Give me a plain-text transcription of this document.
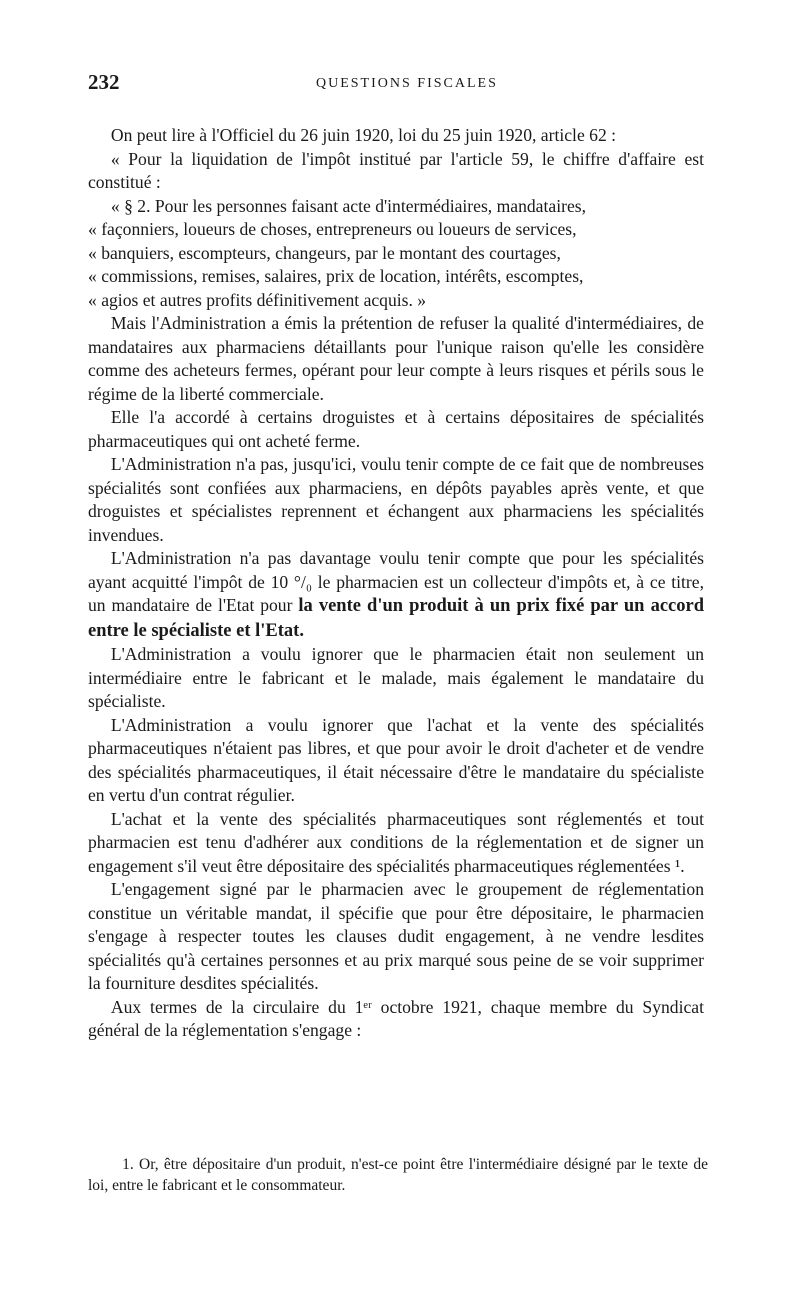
232	QUESTIONS FISCALES

On peut lire à l'Officiel du 26 juin 1920, loi du 25 juin 1920, article 62 :

« Pour la liquidation de l'impôt institué par l'article 59, le chiffre d'affaire est constitué :

« § 2. Pour les personnes faisant acte d'intermédiaires, mandataires,

« façonniers, loueurs de choses, entrepreneurs ou loueurs de services,

« banquiers, escompteurs, changeurs, par le montant des courtages,

« commissions, remises, salaires, prix de location, intérêts, escomptes,

« agios et autres profits définitivement acquis. »

Mais l'Administration a émis la prétention de refuser la qualité d'intermédiaires, de mandataires aux pharmaciens détaillants pour l'unique raison qu'elle les considère comme des acheteurs fermes, opérant pour leur compte à leurs risques et périls sous le régime de la liberté commerciale.

Elle l'a accordé à certains droguistes et à certains dépositaires de spécialités pharmaceutiques qui ont acheté ferme.

L'Administration n'a pas, jusqu'ici, voulu tenir compte de ce fait que de nombreuses spécialités sont confiées aux pharmaciens, en dépôts payables après vente, et que droguistes et spécialistes reprennent et échangent aux pharmaciens les spécialités invendues.

L'Administration n'a pas davantage voulu tenir compte que pour les spécialités ayant acquitté l'impôt de 10 °/₀ le pharmacien est un collecteur d'impôts et, à ce titre, un mandataire de l'Etat pour la vente d'un produit à un prix fixé par un accord entre le spécialiste et l'Etat.

L'Administration a voulu ignorer que le pharmacien était non seulement un intermédiaire entre le fabricant et le malade, mais également le mandataire du spécialiste.

L'Administration a voulu ignorer que l'achat et la vente des spécialités pharmaceutiques n'étaient pas libres, et que pour avoir le droit d'acheter et de vendre des spécialités pharmaceutiques, il était nécessaire d'être le mandataire du spécialiste en vertu d'un contrat régulier.

L'achat et la vente des spécialités pharmaceutiques sont réglementés et tout pharmacien est tenu d'adhérer aux conditions de la réglementation et de signer un engagement s'il veut être dépositaire des spécialités pharmaceutiques réglementées ¹.

L'engagement signé par le pharmacien avec le groupement de réglementation constitue un véritable mandat, il spécifie que pour être dépositaire, le pharmacien s'engage à respecter toutes les clauses dudit engagement, à ne vendre lesdites spécialités qu'à certaines personnes et au prix marqué sous peine de se voir supprimer la fourniture desdites spécialités.

Aux termes de la circulaire du 1ᵉʳ octobre 1921, chaque membre du Syndicat général de la réglementation s'engage :

1. Or, être dépositaire d'un produit, n'est-ce point être l'intermédiaire désigné par le texte de loi, entre le fabricant et le consommateur.
